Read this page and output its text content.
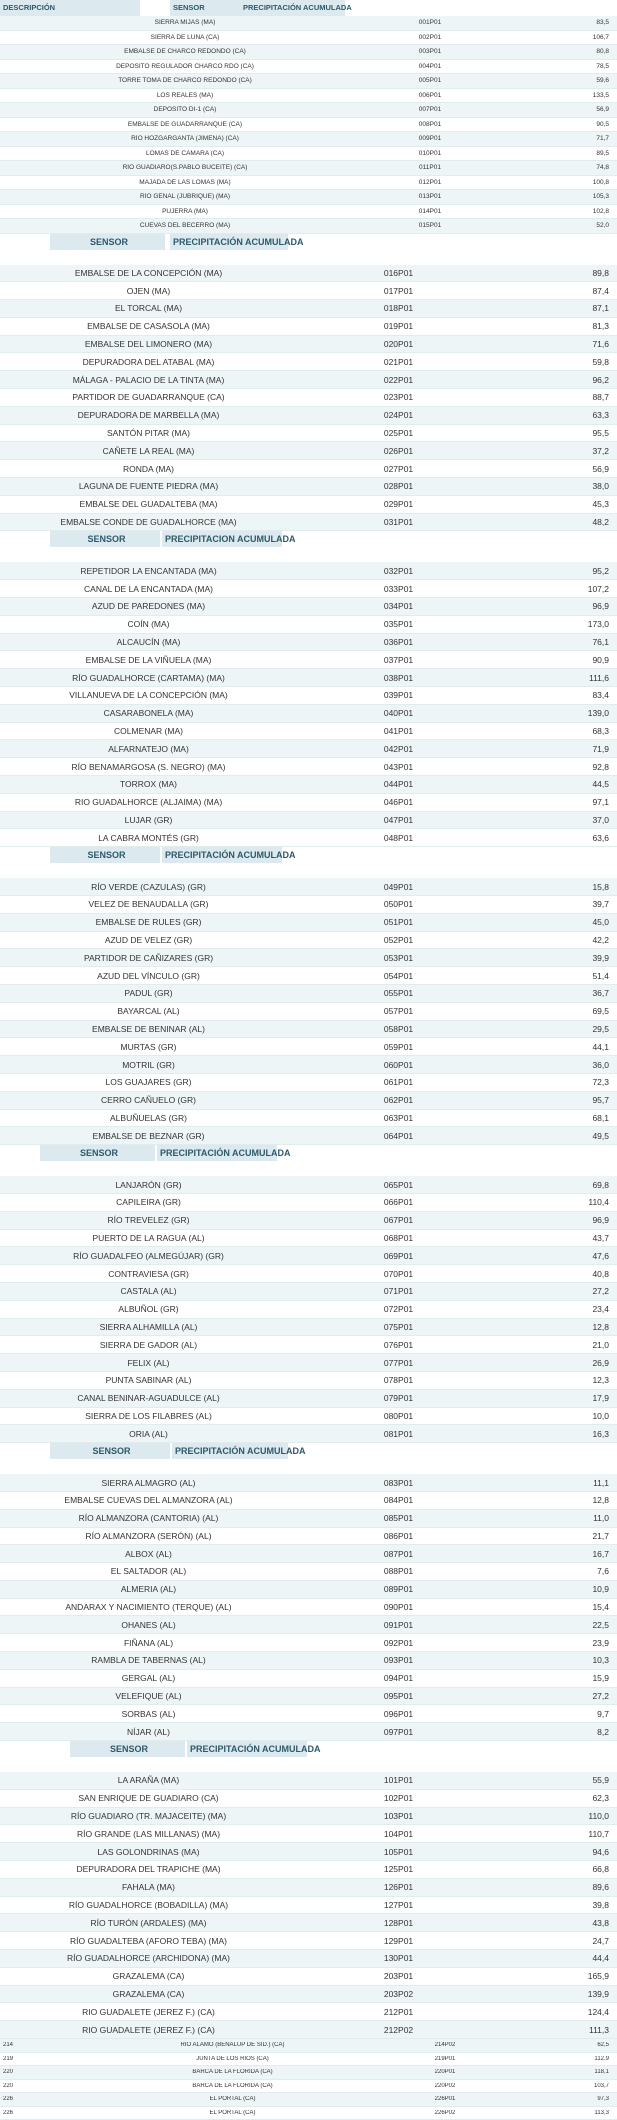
DESCRIPCIÓN	SENSOR	PRECIPITACIÓN ACUMULADA
SIERRA MIJAS (MA)	001P01	83,5
SIERRA DE LUNA (CA)	002P01	106,7
EMBALSE DE CHARCO REDONDO (CA)	003P01	80,8
DEPÓSITO REGULADOR CHARCO RDO (CA)	004P01	78,5
TORRE TOMA DE CHARCO REDONDO (CA)	005P01	59,6
LOS REALES (MA)	006P01	133,5
DEPÓSITO DI-1 (CA)	007P01	56,9
EMBALSE DE GUADARRANQUE (CA)	008P01	90,5
RÍO HOZGARGANTA (JIMENA) (CA)	009P01	71,7
LOMAS DE CAMARA (CA)	010P01	89,5
RÍO GUADIARO(S.PABLO BUCEITE) (CA)	011P01	74,8
MAJADA DE LAS LOMAS (MA)	012P01	100,8
RÍO GENAL (JUBRIQUE) (MA)	013P01	105,3
PUJERRA (MA)	014P01	102,8
CUEVAS DEL BECERRO (MA)	015P01	52,0
SENSOR	PRECIPITACIÓN ACUMULADA
EMBALSE DE LA CONCEPCIÓN (MA)	016P01	89,8
OJEN (MA)	017P01	87,4
EL TORCAL (MA)	018P01	87,1
EMBALSE DE CASASOLA (MA)	019P01	81,3
EMBALSE DEL LIMONERO (MA)	020P01	71,6
DEPURADORA DEL ATABAL (MA)	021P01	59,8
MÁLAGA - PALACIO DE LA TINTA (MA)	022P01	96,2
PARTIDOR DE GUADARRANQUE (CA)	023P01	88,7
DEPURADORA DE MARBELLA (MA)	024P01	63,3
SANTÓN PITAR (MA)	025P01	95,5
CAÑETE LA REAL (MA)	026P01	37,2
RONDA (MA)	027P01	56,9
LAGUNA DE FUENTE PIEDRA (MA)	028P01	38,0
EMBALSE DEL GUADALTEBA (MA)	029P01	45,3
EMBALSE CONDE DE GUADALHORCE (MA)	031P01	48,2
SENSOR	PRECIPITACION ACUMULADA
REPETIDOR LA ENCANTADA (MA)	032P01	95,2
CANAL DE LA ENCANTADA (MA)	033P01	107,2
AZUD DE PAREDONES (MA)	034P01	96,9
COÍN (MA)	035P01	173,0
ALCAUCÍN (MA)	036P01	76,1
EMBALSE DE LA VIÑUELA (MA)	037P01	90,9
RÍO GUADALHORCE (CARTAMA) (MA)	038P01	111,6
VILLANUEVA DE LA CONCEPCIÓN (MA)	039P01	83,4
CASARABONELA (MA)	040P01	139,0
COLMENAR (MA)	041P01	68,3
ALFARNATEJO (MA)	042P01	71,9
RÍO BENAMARGOSA (S. NEGRO) (MA)	043P01	92,8
TORROX (MA)	044P01	44,5
RIO GUADALHORCE (ALJAIMA) (MA)	046P01	97,1
LUJAR (GR)	047P01	37,0
LA CABRA MONTÉS (GR)	048P01	63,6
SENSOR	PRECIPITACIÓN ACUMULADA
RÍO VERDE (CAZULAS) (GR)	049P01	15,8
VELEZ DE BENAUDALLA (GR)	050P01	39,7
EMBALSE DE RULES (GR)	051P01	45,0
AZUD DE VELEZ (GR)	052P01	42,2
PARTIDOR DE CAÑIZARES (GR)	053P01	39,9
AZUD DEL VÍNCULO (GR)	054P01	51,4
PADUL (GR)	055P01	36,7
BAYARCAL (AL)	057P01	69,5
EMBALSE DE BENINAR (AL)	058P01	29,5
MURTAS (GR)	059P01	44,1
MOTRIL (GR)	060P01	36,0
LOS GUAJARES (GR)	061P01	72,3
CERRO CAÑUELO (GR)	062P01	95,7
ALBUÑUELAS (GR)	063P01	68,1
EMBALSE DE BEZNAR (GR)	064P01	49,5
SENSOR	PRECIPITACIÓN ACUMULADA
LANJARÓN (GR)	065P01	69,8
CAPILEIRA (GR)	066P01	110,4
RÍO TREVELEZ (GR)	067P01	96,9
PUERTO DE LA RAGUA (AL)	068P01	43,7
RÍO GUADALFEO (ALMEGÚJAR) (GR)	069P01	47,6
CONTRAVIESA (GR)	070P01	40,8
CASTALA (AL)	071P01	27,2
ALBUÑOL (GR)	072P01	23,4
SIERRA ALHAMILLA (AL)	075P01	12,8
SIERRA DE GADOR (AL)	076P01	21,0
FELIX (AL)	077P01	26,9
PUNTA SABINAR (AL)	078P01	12,3
CANAL BENINAR-AGUADULCE (AL)	079P01	17,9
SIERRA DE LOS FILABRES (AL)	080P01	10,0
ORIA (AL)	081P01	16,3
SENSOR	PRECIPITACIÓN ACUMULADA
SIERRA ALMAGRO (AL)	083P01	11,1
EMBALSE CUEVAS DEL ALMANZORA (AL)	084P01	12,8
RÍO ALMANZORA (CANTORIA) (AL)	085P01	11,0
RÍO ALMANZORA (SERÓN) (AL)	086P01	21,7
ALBOX (AL)	087P01	16,7
EL SALTADOR (AL)	088P01	7,6
ALMERIA (AL)	089P01	10,9
ANDARAX Y NACIMIENTO (TERQUE) (AL)	090P01	15,4
OHANES (AL)	091P01	22,5
FIÑANA (AL)	092P01	23,9
RAMBLA DE TABERNAS (AL)	093P01	10,3
GERGAL (AL)	094P01	15,9
VELEFIQUE (AL)	095P01	27,2
SORBAS (AL)	096P01	9,7
NÍJAR (AL)	097P01	8,2
SENSOR	PRECIPITACIÓN ACUMULADA
LA ARAÑA (MA)	101P01	55,9
SAN ENRIQUE DE GUADIARO (CA)	102P01	62,3
RÍO GUADIARO (TR. MAJACEITE) (MA)	103P01	110,0
RÍO GRANDE (LAS MILLANAS) (MA)	104P01	110,7
LAS GOLONDRINAS (MA)	105P01	94,6
DEPURADORA DEL TRAPICHE (MA)	125P01	66,8
FAHALA (MA)	126P01	89,6
RÍO GUADALHORCE (BOBADILLA) (MA)	127P01	39,8
RÍO TURÓN (ARDALES) (MA)	128P01	43,8
RÍO GUADALTEBA (AFORO TEBA) (MA)	129P01	24,7
RÍO GUADALHORCE (ARCHIDONA) (MA)	130P01	44,4
GRAZALEMA (CA)	203P01	165,9
GRAZALEMA (CA)	203P02	139,9
RIO GUADALETE (JEREZ F.) (CA)	212P01	124,4
RIO GUADALETE (JEREZ F.) (CA)	212P02	111,3
214	RIO ALAMO (BENALUP DE SID.) (CA)	214P02	62,5
219	JUNTA DE LOS RIOS (CA)	219P01	112,9
220	BARCA DE LA FLORIDA (CA)	220P01	118,1
220	BARCA DE LA FLORIDA (CA)	220P02	103,7
226	EL PORTAL (CA)	226P01	97,3
226	EL PORTAL (CA)	226P02	113,3
